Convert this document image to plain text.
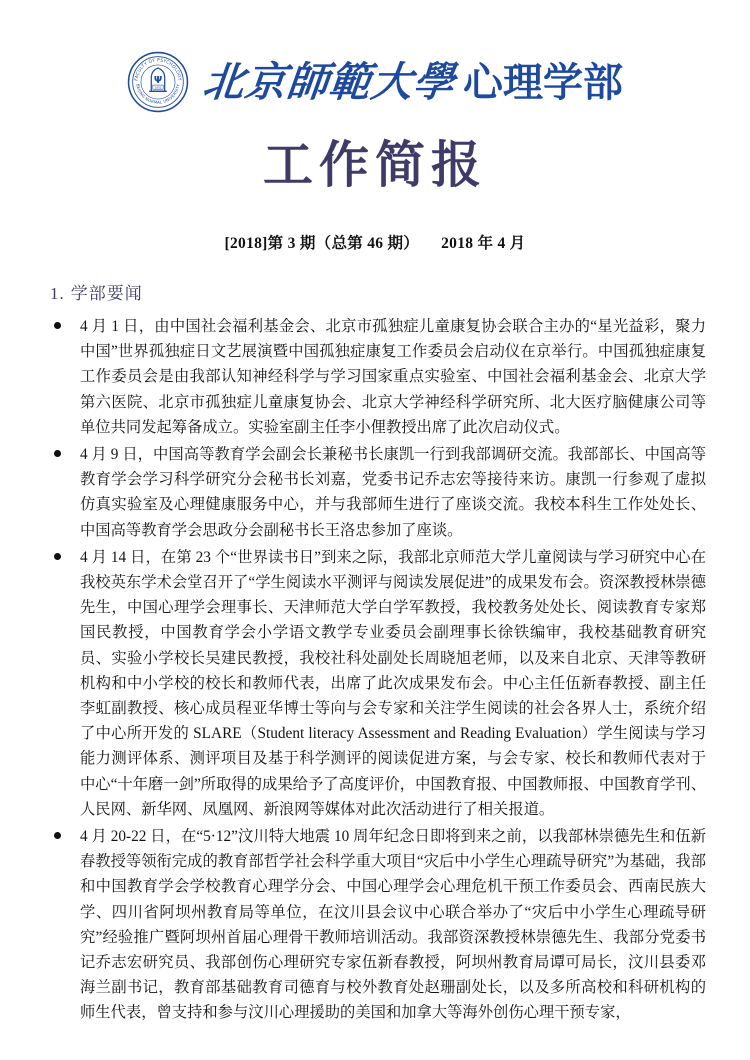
FACULTY OF PSYCHOLOGY
BEIJING NORMAL UNIVERSITY
Ψ
1902 北京師範大學 心理学部
工作简报
[2018]第 3 期（总第 46 期） 2018 年 4 月
1. 学部要闻
4 月 1 日，由中国社会福利基金会、北京市孤独症儿童康复协会联合主办的“星光益彩，聚力中国”世界孤独症日文艺展演暨中国孤独症康复工作委员会启动仪在京举行。中国孤独症康复工作委员会是由我部认知神经科学与学习国家重点实验室、中国社会福利基金会、北京大学第六医院、北京市孤独症儿童康复协会、北京大学神经科学研究所、北大医疗脑健康公司等单位共同发起筹备成立。实验室副主任李小俚教授出席了此次启动仪式。
4 月 9 日，中国高等教育学会副会长兼秘书长康凯一行到我部调研交流。我部部长、中国高等教育学会学习科学研究分会秘书长刘嘉，党委书记乔志宏等接待来访。康凯一行参观了虚拟仿真实验室及心理健康服务中心，并与我部师生进行了座谈交流。我校本科生工作处处长、中国高等教育学会思政分会副秘书长王洛忠参加了座谈。
4 月 14 日，在第 23 个“世界读书日”到来之际，我部北京师范大学儿童阅读与学习研究中心在我校英东学术会堂召开了“学生阅读水平测评与阅读发展促进”的成果发布会。资深教授林崇德先生，中国心理学会理事长、天津师范大学白学军教授，我校教务处处长、阅读教育专家郑国民教授，中国教育学会小学语文教学专业委员会副理事长徐铁编审，我校基础教育研究员、实验小学校长吴建民教授，我校社科处副处长周晓旭老师，以及来自北京、天津等教研机构和中小学校的校长和教师代表，出席了此次成果发布会。中心主任伍新春教授、副主任李虹副教授、核心成员程亚华博士等向与会专家和关注学生阅读的社会各界人士，系统介绍了中心所开发的 SLARE（Student literacy Assessment and Reading Evaluation）学生阅读与学习能力测评体系、测评项目及基于科学测评的阅读促进方案，与会专家、校长和教师代表对于中心“十年磨一剑”所取得的成果给予了高度评价，中国教育报、中国教师报、中国教育学刊、人民网、新华网、凤凰网、新浪网等媒体对此次活动进行了相关报道。
4 月 20-22 日，在“5·12”汶川特大地震 10 周年纪念日即将到来之前，以我部林崇德先生和伍新春教授等领衔完成的教育部哲学社会科学重大项目“灾后中小学生心理疏导研究”为基础，我部和中国教育学会学校教育心理学分会、中国心理学会心理危机干预工作委员会、西南民族大学、四川省阿坝州教育局等单位，在汶川县会议中心联合举办了“灾后中小学生心理疏导研究”经验推广暨阿坝州首届心理骨干教师培训活动。我部资深教授林崇德先生、我部分党委书记乔志宏研究员、我部创伤心理研究专家伍新春教授，阿坝州教育局谭可局长，汶川县委邓海兰副书记，教育部基础教育司德育与校外教育处赵珊副处长，以及多所高校和科研机构的师生代表，曾支持和参与汶川心理援助的美国和加拿大等海外创伤心理干预专家，
